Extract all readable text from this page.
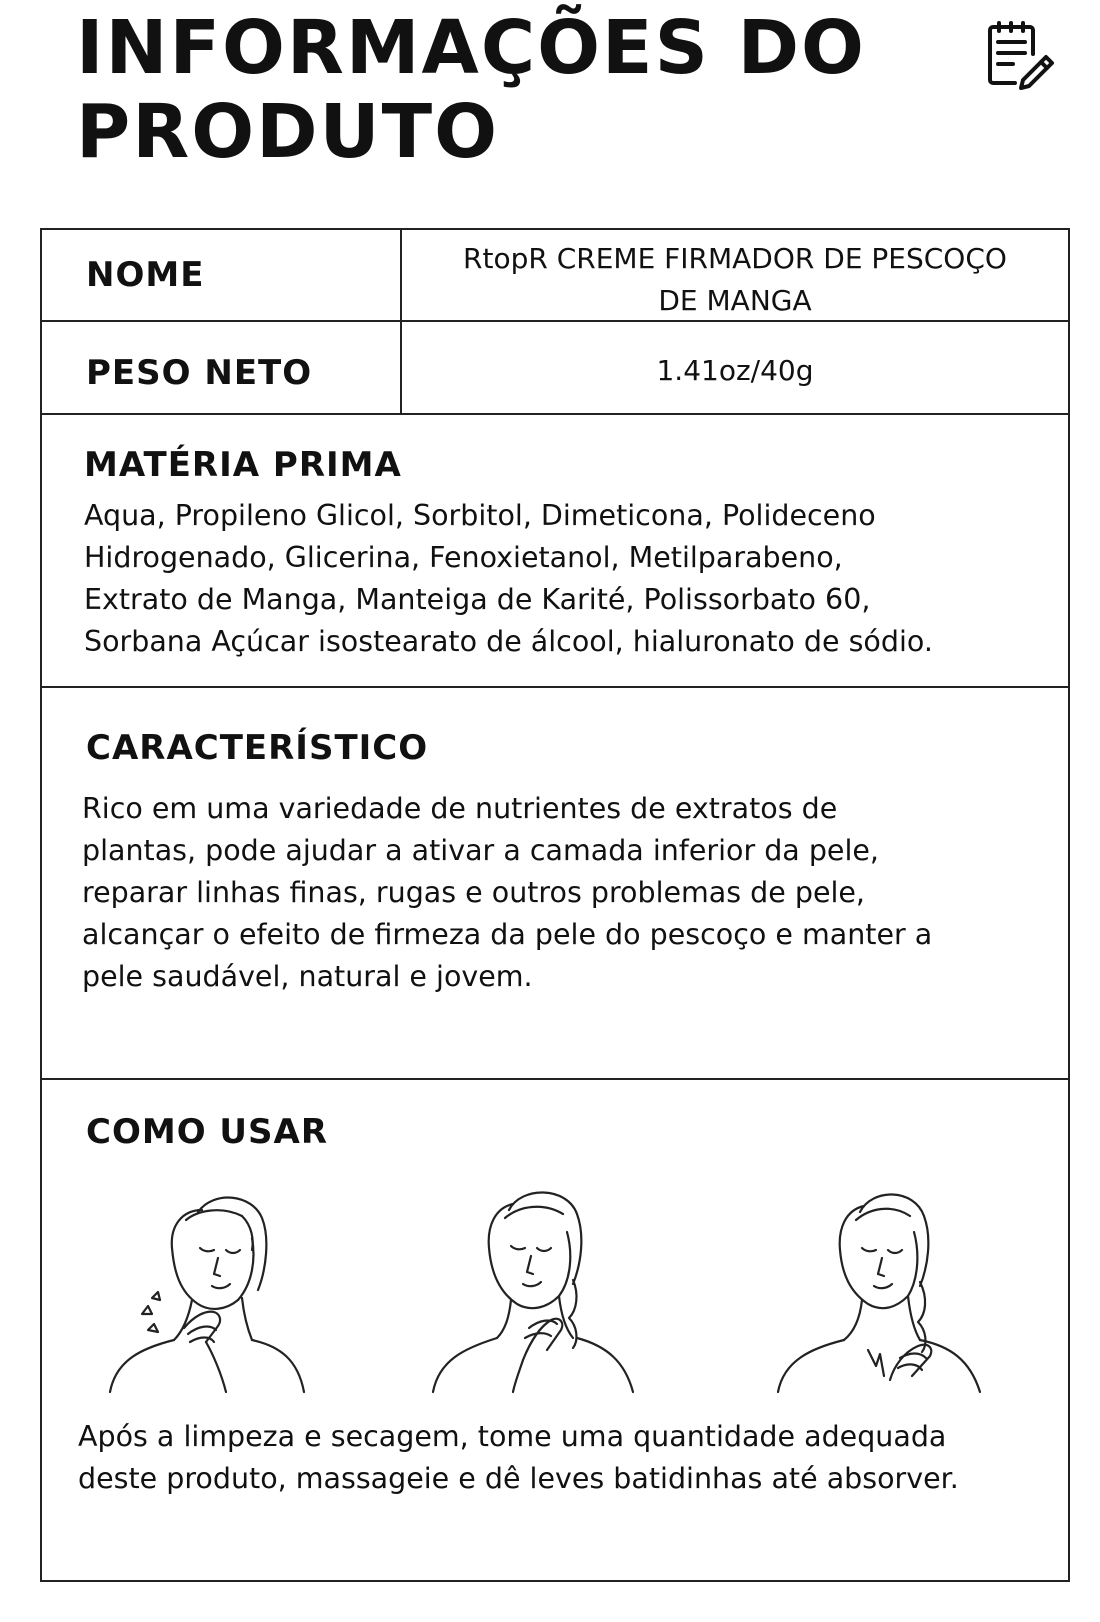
INFORMAÇÕES DO
PRODUTO
NOME	RtopR CREME FIRMADOR DE PESCOÇO
DE MANGA
PESO NETO	1.41oz/40g
MATÉRIA PRIMA
Aqua, Propileno Glicol, Sorbitol, Dimeticona, Polideceno
Hidrogenado, Glicerina, Fenoxietanol, Metilparabeno,
Extrato de Manga, Manteiga de Karité, Polissorbato 60,
Sorbana Açúcar isostearato de álcool, hialuronato de sódio.
CARACTERÍSTICO
Rico em uma variedade de nutrientes de extratos de
plantas, pode ajudar a ativar a camada inferior da pele,
reparar linhas finas, rugas e outros problemas de pele,
alcançar o efeito de firmeza da pele do pescoço e manter a
pele saudável, natural e jovem.
COMO USAR
Após a limpeza e secagem, tome uma quantidade adequada
deste produto, massageie e dê leves batidinhas até absorver.
